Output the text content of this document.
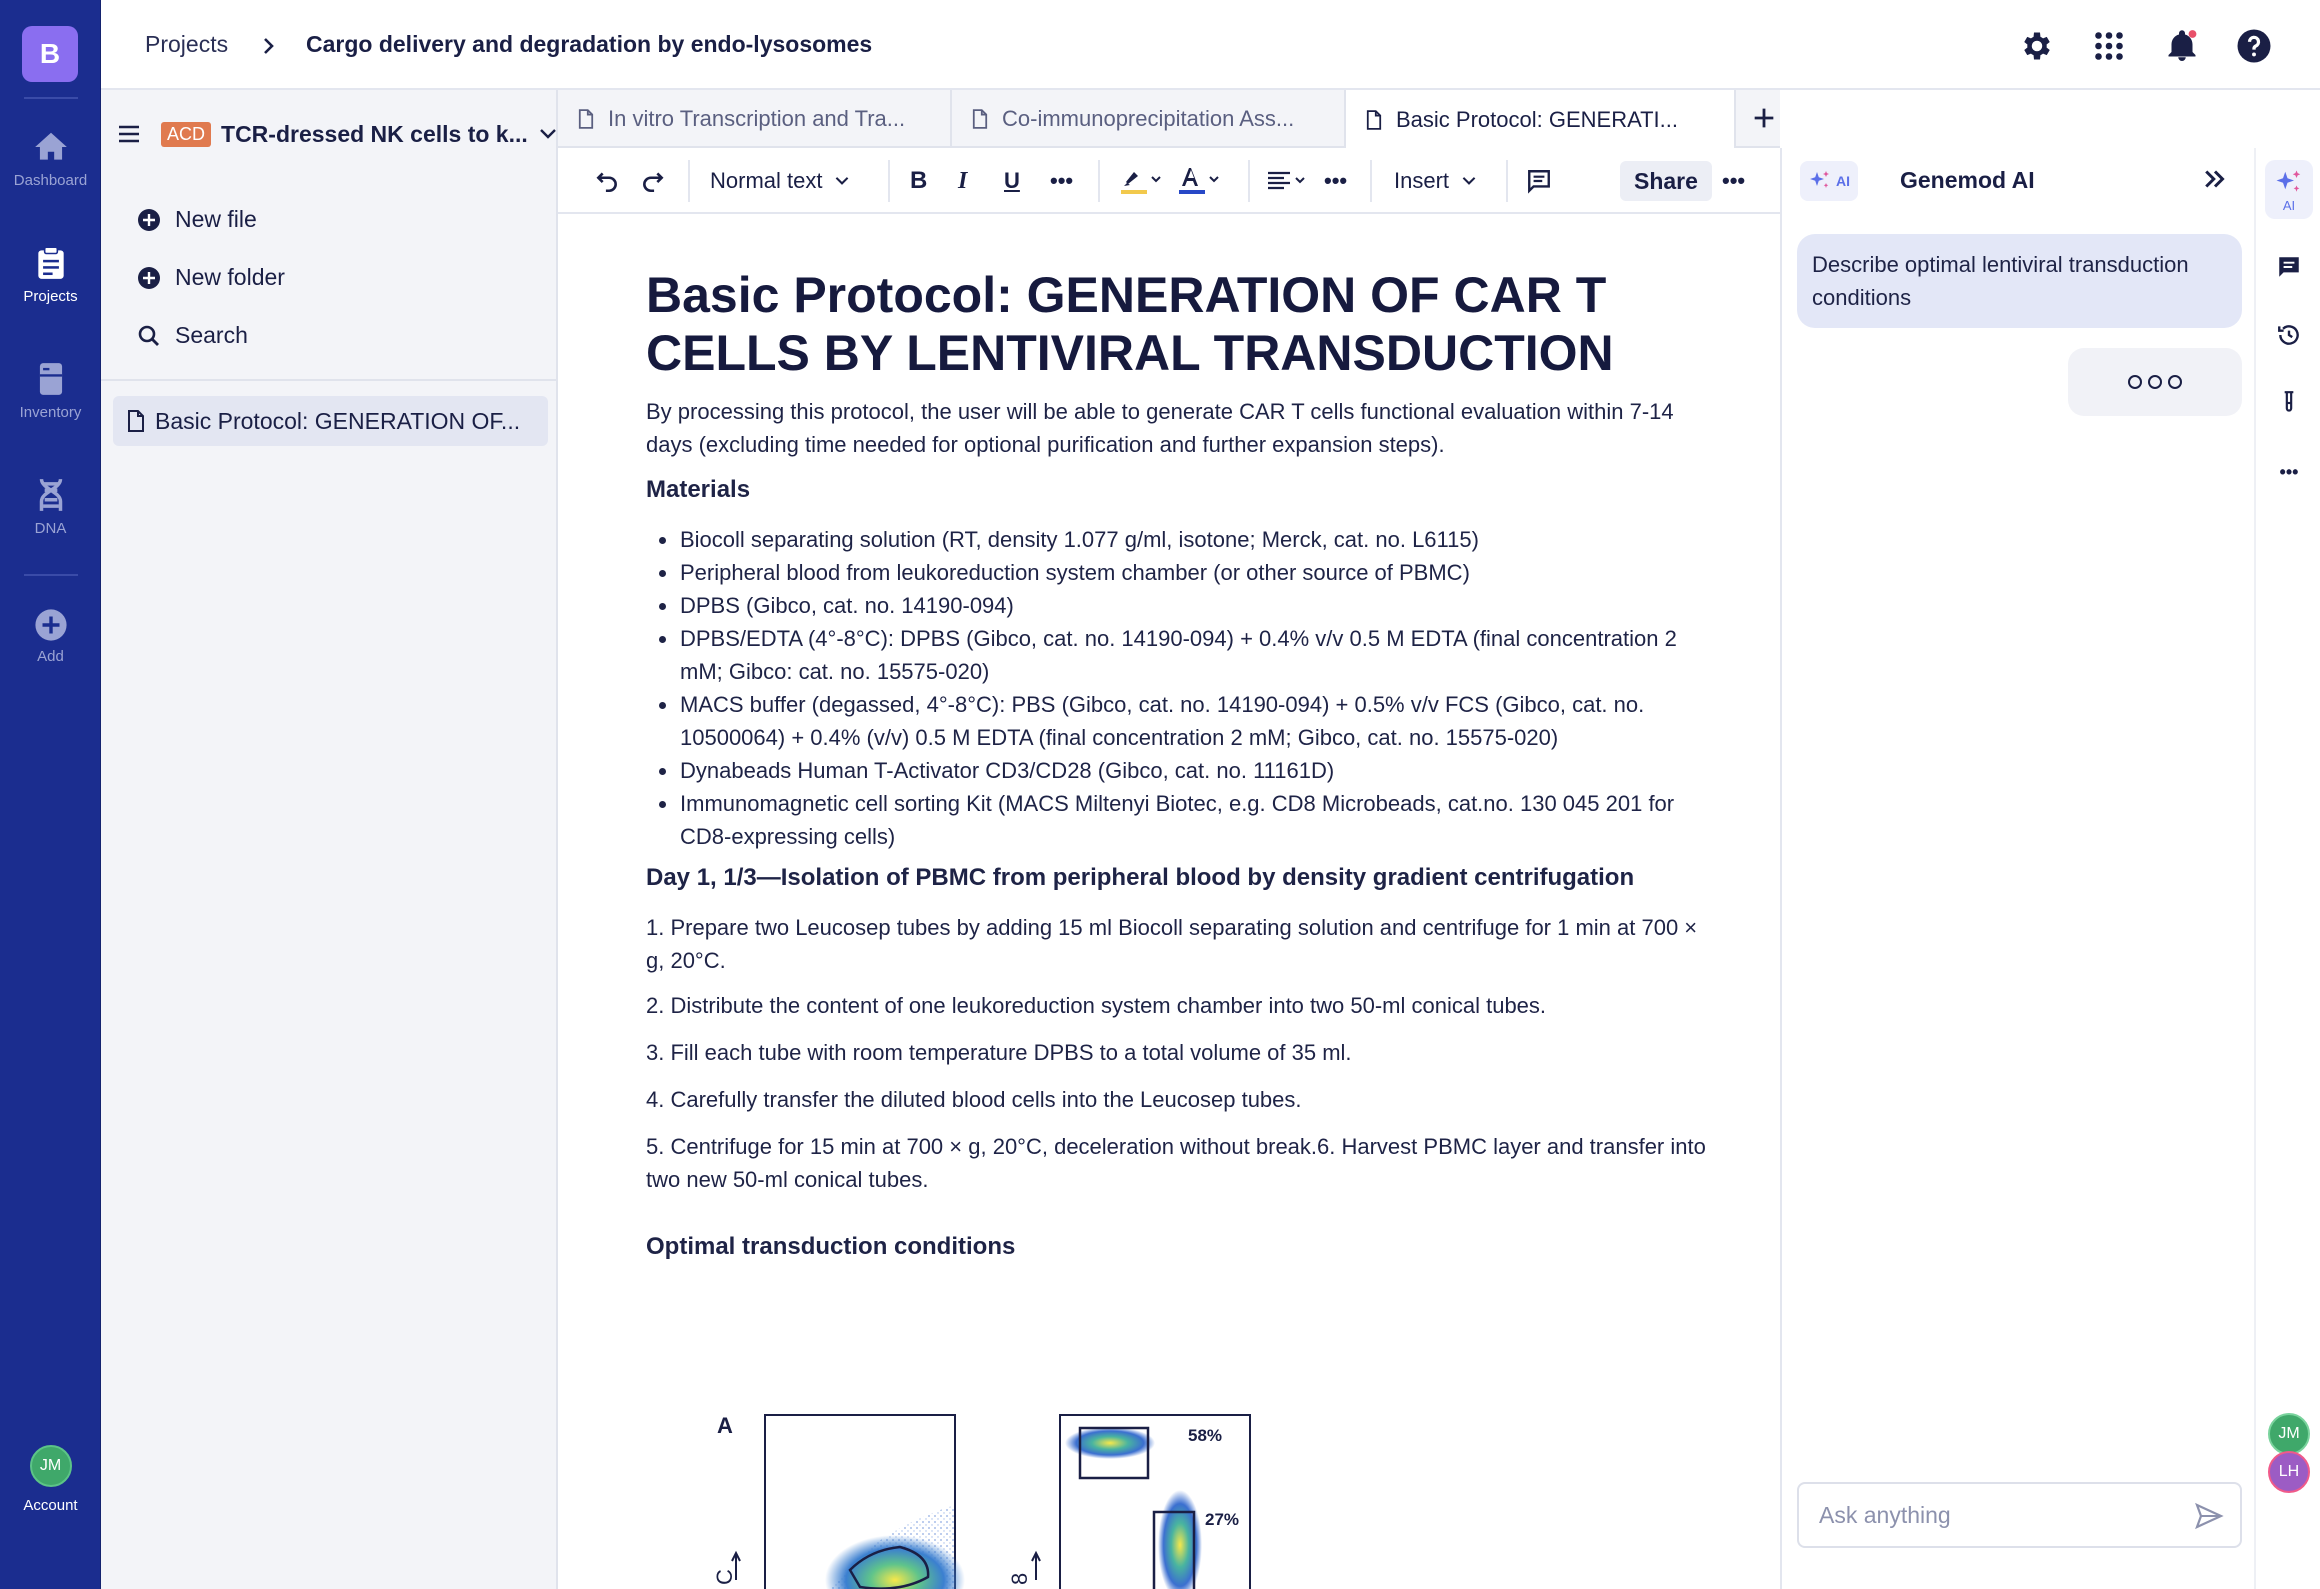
B
Dashboard
Projects
Inventory
DNA
Add
JM
Account
Projects	Cargo delivery and degradation by endo-lysosomes
ACD TCR-dressed NK cells to k...
New file
New folder
Search
Basic Protocol: GENERATION OF...
In vitro Transcription and Tra...	Co-immunoprecipitation Ass...	Basic Protocol: GENERATI...
Normal text	B I U •••	••• Insert	Share	•••
Basic Protocol: GENERATION OF CAR T CELLS BY LENTIVIRAL TRANSDUCTION

By processing this protocol, the user will be able to generate CAR T cells functional evaluation within 7-14 days (excluding time needed for optional purification and further expansion steps).

Materials
Biocoll separating solution (RT, density 1.077 g/ml, isotone; Merck, cat. no. L6115)
Peripheral blood from leukoreduction system chamber (or other source of PBMC)
DPBS (Gibco, cat. no. 14190-094)
DPBS/EDTA (4°-8°C): DPBS (Gibco, cat. no. 14190-094) + 0.4% v/v 0.5 M EDTA (final concentration 2 mM; Gibco: cat. no. 15575-020)
MACS buffer (degassed, 4°-8°C): PBS (Gibco, cat. no. 14190-094) + 0.5% v/v FCS (Gibco, cat. no. 10500064) + 0.4% (v/v) 0.5 M EDTA (final concentration 2 mM; Gibco, cat. no. 15575-020)
Dynabeads Human T-Activator CD3/CD28 (Gibco, cat. no. 11161D)
Immunomagnetic cell sorting Kit (MACS Miltenyi Biotec, e.g. CD8 Microbeads, cat.no. 130 045 201 for CD8-expressing cells)
Day 1, 1/3—Isolation of PBMC from peripheral blood by density gradient centrifugation

1. Prepare two Leucosep tubes by adding 15 ml Biocoll separating solution and centrifuge for 1 min at 700 × g, 20°C.

2. Distribute the content of one leukoreduction system chamber into two 50-ml conical tubes.

3. Fill each tube with room temperature DPBS to a total volume of 35 ml.

4. Carefully transfer the diluted blood cells into the Leucosep tubes.

5. Centrifuge for 15 min at 700 × g, 20°C, deceleration without break.6. Harvest PBMC layer and transfer into two new 50-ml conical tubes.

Optimal transduction conditions
A
C
58%
27%
8
AI Genemod AI
Describe optimal lentiviral transduction conditions
Ask anything
AI
•••
JM
LH
